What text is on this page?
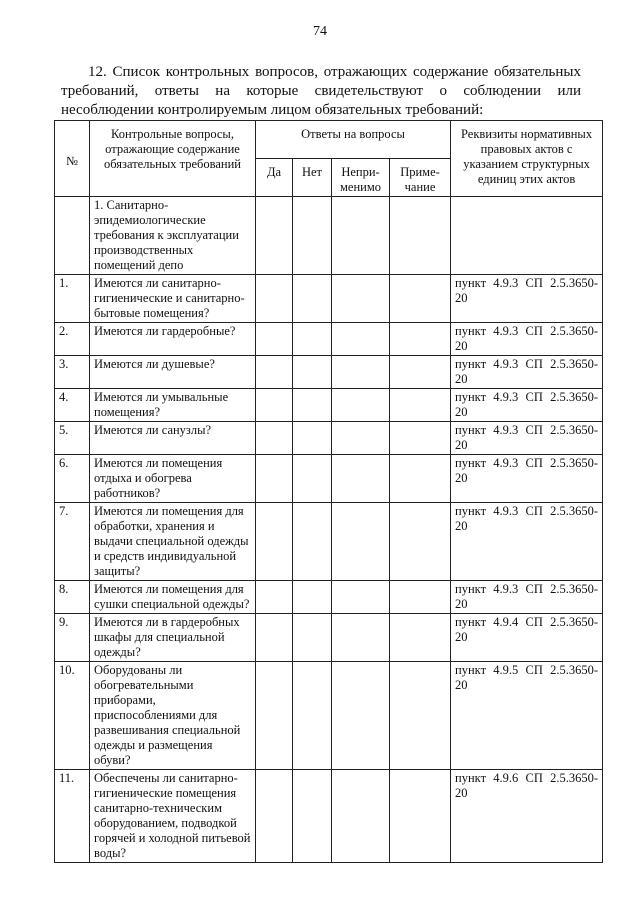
74

12. Список контрольных вопросов, отражающих содержание обязательных требований, ответы на которые свидетельствуют о соблюдении или несоблюдении контролируемым лицом обязательных требований:

№	Контрольные вопросы, отражающие содержание обязательных требований	Ответы на вопросы				Реквизиты нормативных правовых актов с указанием структурных единиц этих актов
		Да	Нет	Непри-менимо	Приме-чание	
	1. Санитарно-эпидемиологические требования к эксплуатации производственных помещений депо					
1.	Имеются ли санитарно-гигиенические и санитарно-бытовые помещения?					пункт 4.9.3 СП 2.5.3650-20
2.	Имеются ли гардеробные?					пункт 4.9.3 СП 2.5.3650-20
3.	Имеются ли душевые?					пункт 4.9.3 СП 2.5.3650-20
4.	Имеются ли умывальные помещения?					пункт 4.9.3 СП 2.5.3650-20
5.	Имеются ли санузлы?					пункт 4.9.3 СП 2.5.3650-20
6.	Имеются ли помещения отдыха и обогрева работников?					пункт 4.9.3 СП 2.5.3650-20
7.	Имеются ли помещения для обработки, хранения и выдачи специальной одежды и средств индивидуальной защиты?					пункт 4.9.3 СП 2.5.3650-20
8.	Имеются ли помещения для сушки специальной одежды?					пункт 4.9.3 СП 2.5.3650-20
9.	Имеются ли в гардеробных шкафы для специальной одежды?					пункт 4.9.4 СП 2.5.3650-20
10.	Оборудованы ли обогревательными приборами, приспособлениями для развешивания специальной одежды и размещения обуви?					пункт 4.9.5 СП 2.5.3650-20
11.	Обеспечены ли санитарно-гигиенические помещения санитарно-техническим оборудованием, подводкой горячей и холодной питьевой воды?					пункт 4.9.6 СП 2.5.3650-20
